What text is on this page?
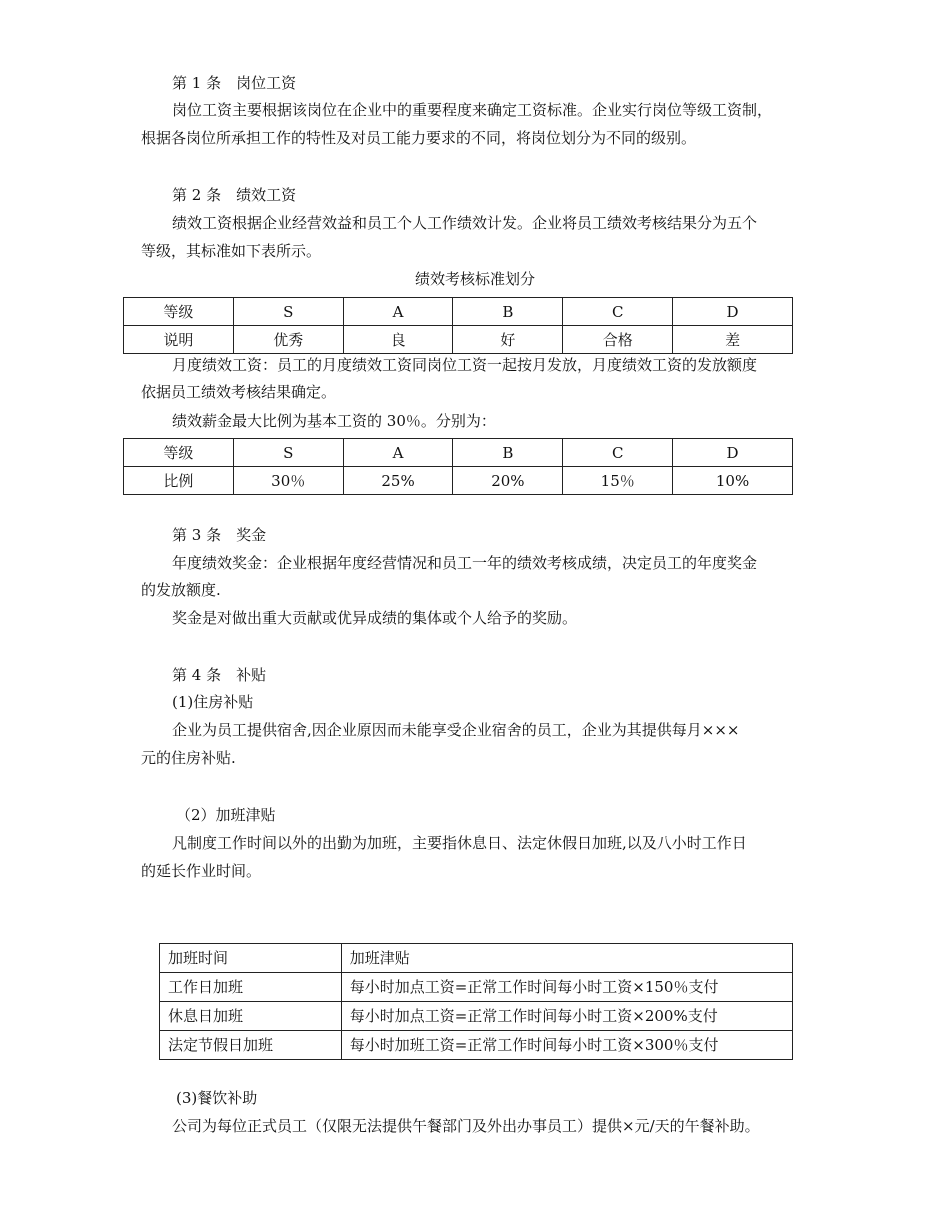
第 1 条　岗位工资
岗位工资主要根据该岗位在企业中的重要程度来确定工资标准。企业实行岗位等级工资制，
根据各岗位所承担工作的特性及对员工能力要求的不同，将岗位划分为不同的级别。
第 2 条　绩效工资
绩效工资根据企业经营效益和员工个人工作绩效计发。企业将员工绩效考核结果分为五个
等级，其标准如下表所示。
绩效考核标准划分
等级	S	A	B	C	D
说明	优秀	良	好	合格	差
月度绩效工资：员工的月度绩效工资同岗位工资一起按月发放，月度绩效工资的发放额度
依据员工绩效考核结果确定。
绩效薪金最大比例为基本工资的 30％。分别为：
等级	S	A	B	C	D
比例	30％	25%	20%	15％	10%
第 3 条　奖金
年度绩效奖金：企业根据年度经营情况和员工一年的绩效考核成绩，决定员工的年度奖金
的发放额度.
奖金是对做出重大贡献或优异成绩的集体或个人给予的奖励。
第 4 条　补贴
(1)住房补贴
企业为员工提供宿舍,因企业原因而未能享受企业宿舍的员工，企业为其提供每月×××
元的住房补贴.
（2）加班津贴
凡制度工作时间以外的出勤为加班，主要指休息日、法定休假日加班,以及八小时工作日
的延长作业时间。
加班时间	加班津贴
工作日加班	每小时加点工资=正常工作时间每小时工资×150％支付
休息日加班	每小时加点工资=正常工作时间每小时工资×200%支付
法定节假日加班	每小时加班工资=正常工作时间每小时工资×300％支付
(3)餐饮补助
公司为每位正式员工（仅限无法提供午餐部门及外出办事员工）提供×元/天的午餐补助。
